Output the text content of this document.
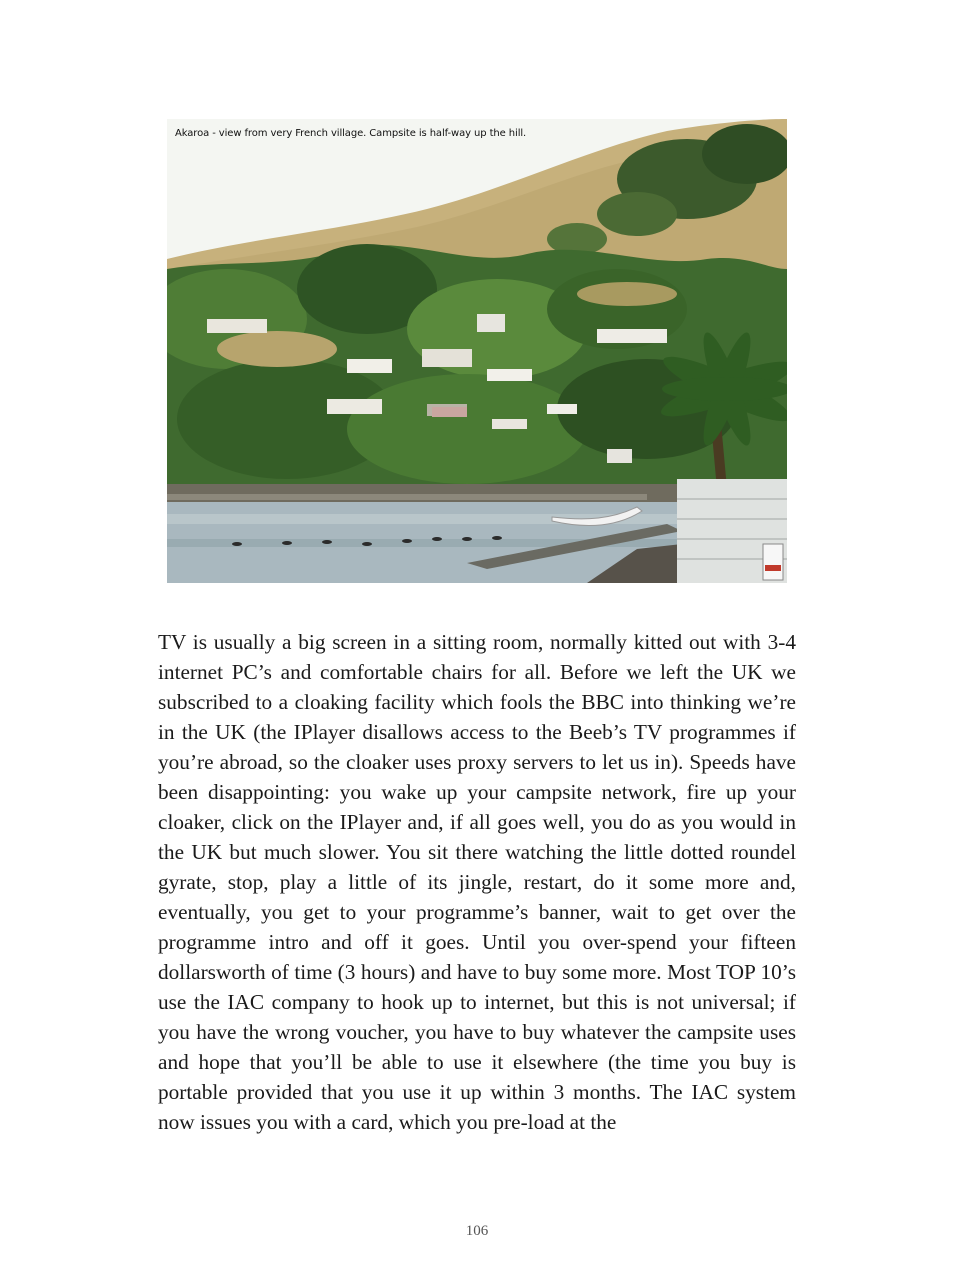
Akaroa - view from very French village. Campsite is half-way up the hill.

TV is usually a big screen in a sitting room, normally kitted out with 3-4 internet PC’s and comfortable chairs for all. Before we left the UK we subscribed to a cloaking facility which fools the BBC into thinking we’re in the UK (the IPlayer disallows access to the Beeb’s TV programmes if you’re abroad, so the cloaker uses proxy servers to let us in). Speeds have been disappointing: you wake up your campsite network, fire up your cloaker, click on the IPlayer and, if all goes well, you do as you would in the UK but much slower. You sit there watching the little dotted roundel gyrate, stop, play a little of its jingle, restart, do it some more and, eventually, you get to your programme’s banner, wait to get over the programme intro and off it goes. Until you over-spend your fifteen dollarsworth of time (3 hours) and have to buy some more. Most TOP 10’s use the IAC company to hook up to internet, but this is not universal; if you have the wrong voucher, you have to buy whatever the campsite uses and hope that you’ll be able to use it elsewhere (the time you buy is portable provided that you use it up within 3 months. The IAC system now issues you with a card, which you pre-load at the

106
